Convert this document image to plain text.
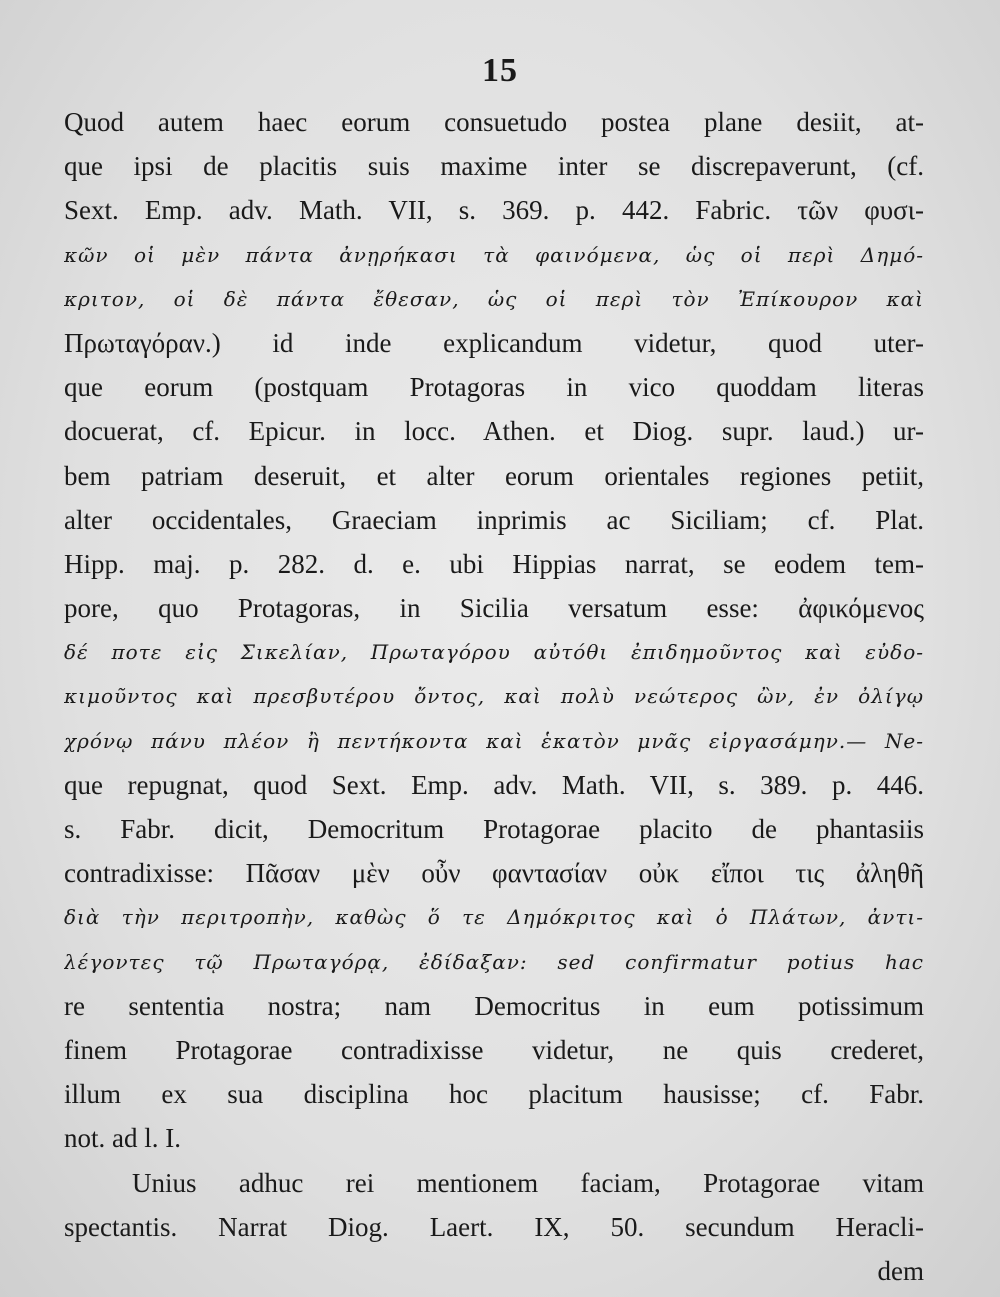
15
Quod autem haec eorum consuetudo postea plane desiit, at-
que ipsi de placitis suis maxime inter se discrepaverunt, (cf.
Sext. Emp. adv. Math. VII, s. 369. p. 442. Fabric. τῶν φυσι-
κῶν οἱ μὲν πάντα ἀνῃρήκασι τὰ φαινόμενα, ὡς οἱ περὶ Δημό-
κριτον, οἱ δὲ πάντα ἔθεσαν, ὡς οἱ περὶ τὸν Ἐπίκουρον καὶ
Πρωταγόραν.) id inde explicandum videtur, quod uter-
que eorum (postquam Protagoras in vico quoddam literas
docuerat, cf. Epicur. in locc. Athen. et Diog. supr. laud.) ur-
bem patriam deseruit, et alter eorum orientales regiones petiit,
alter occidentales, Graeciam inprimis ac Siciliam; cf. Plat.
Hipp. maj. p. 282. d. e. ubi Hippias narrat, se eodem tem-
pore, quo Protagoras, in Sicilia versatum esse: ἀφικόμενος
δέ ποτε εἰς Σικελίαν, Πρωταγόρου αὐτόθι ἐπιδημοῦντος καὶ εὐδο-
κιμοῦντος καὶ πρεσβυτέρου ὄντος, καὶ πολὺ νεώτερος ὢν, ἐν ὀλίγῳ
χρόνῳ πάνυ πλέον ἢ πεντήκοντα καὶ ἑκατὸν μνᾶς εἰργασάμην.— Ne-
que repugnat, quod Sext. Emp. adv. Math. VII, s. 389. p. 446.
s. Fabr. dicit, Democritum Protagorae placito de phantasiis
contradixisse: Πᾶσαν μὲν οὖν φαντασίαν οὐκ εἴποι τις ἀληθῆ
διὰ τὴν περιτροπὴν, καθὼς ὅ τε Δημόκριτος καὶ ὁ Πλάτων, ἀντι-
λέγοντες τῷ Πρωταγόρᾳ, ἐδίδαξαν: sed confirmatur potius hac
re sententia nostra; nam Democritus in eum potissimum
finem Protagorae contradixisse videtur, ne quis crederet,
illum ex sua disciplina hoc placitum hausisse; cf. Fabr.
not. ad l. I.
Unius adhuc rei mentionem faciam, Protagorae vitam
spectantis. Narrat Diog. Laert. IX, 50. secundum Heracli-
dem
